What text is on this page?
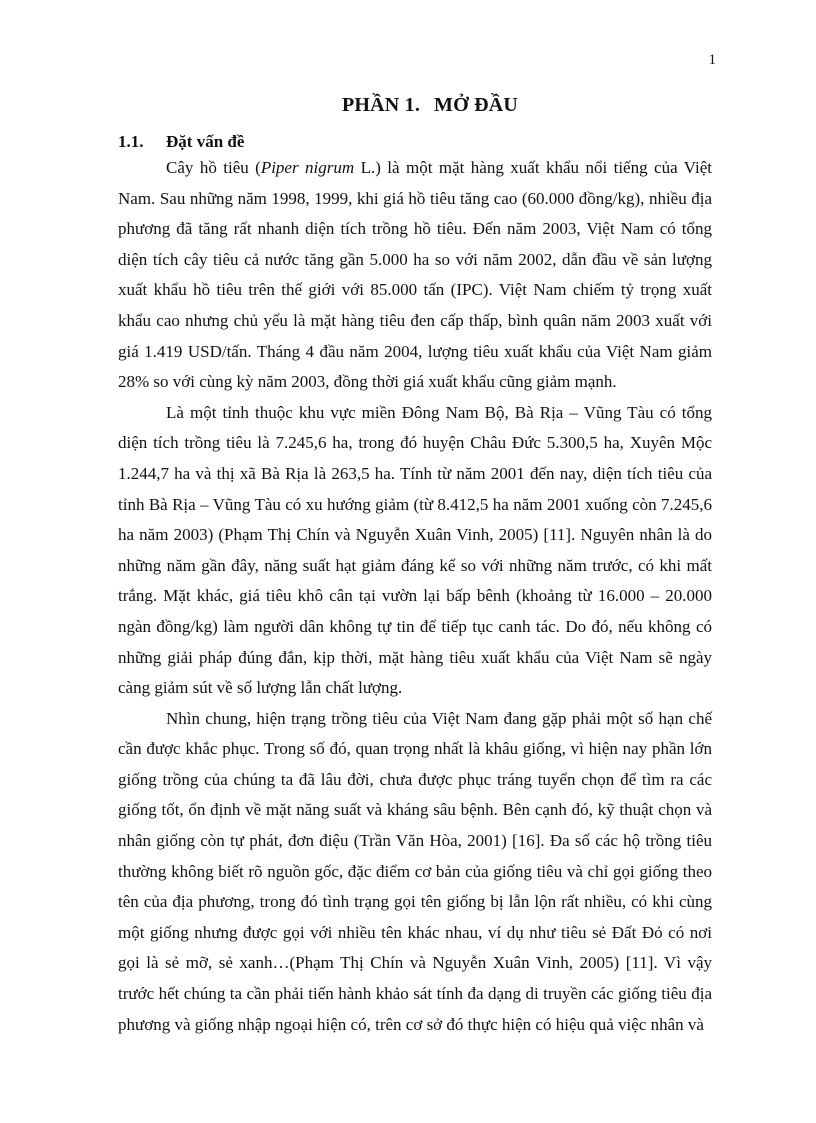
1
PHẦN 1. MỞ ĐẦU
1.1. Đặt vấn đề

Cây hồ tiêu (Piper nigrum L.) là một mặt hàng xuất khẩu nổi tiếng của Việt Nam. Sau những năm 1998, 1999, khi giá hồ tiêu tăng cao (60.000 đồng/kg), nhiều địa phương đã tăng rất nhanh diện tích trồng hồ tiêu. Đến năm 2003, Việt Nam có tổng diện tích cây tiêu cả nước tăng gần 5.000 ha so với năm 2002, dẫn đầu về sản lượng xuất khẩu hồ tiêu trên thế giới với 85.000 tấn (IPC). Việt Nam chiếm tỷ trọng xuất khẩu cao nhưng chủ yếu là mặt hàng tiêu đen cấp thấp, bình quân năm 2003 xuất với giá 1.419 USD/tấn. Tháng 4 đầu năm 2004, lượng tiêu xuất khẩu của Việt Nam giảm 28% so với cùng kỳ năm 2003, đồng thời giá xuất khẩu cũng giảm mạnh.

Là một tỉnh thuộc khu vực miền Đông Nam Bộ, Bà Rịa – Vũng Tàu có tổng diện tích trồng tiêu là 7.245,6 ha, trong đó huyện Châu Đức 5.300,5 ha, Xuyên Mộc 1.244,7 ha và thị xã Bà Rịa là 263,5 ha. Tính từ năm 2001 đến nay, diện tích tiêu của tỉnh Bà Rịa – Vũng Tàu có xu hướng giảm (từ 8.412,5 ha năm 2001 xuống còn 7.245,6 ha năm 2003) (Phạm Thị Chín và Nguyễn Xuân Vinh, 2005) [11]. Nguyên nhân là do những năm gần đây, năng suất hạt giảm đáng kể so với những năm trước, có khi mất trắng. Mặt khác, giá tiêu khô cân tại vườn lại bấp bênh (khoảng từ 16.000 – 20.000 ngàn đồng/kg) làm người dân không tự tin để tiếp tục canh tác. Do đó, nếu không có những giải pháp đúng đắn, kịp thời, mặt hàng tiêu xuất khẩu của Việt Nam sẽ ngày càng giảm sút về số lượng lẫn chất lượng.

Nhìn chung, hiện trạng trồng tiêu của Việt Nam đang gặp phải một số hạn chế cần được khắc phục. Trong số đó, quan trọng nhất là khâu giống, vì hiện nay phần lớn giống trồng của chúng ta đã lâu đời, chưa được phục tráng tuyển chọn để tìm ra các giống tốt, ổn định về mặt năng suất và kháng sâu bệnh. Bên cạnh đó, kỹ thuật chọn và nhân giống còn tự phát, đơn điệu (Trần Văn Hòa, 2001) [16]. Đa số các hộ trồng tiêu thường không biết rõ nguồn gốc, đặc điểm cơ bản của giống tiêu và chỉ gọi giống theo tên của địa phương, trong đó tình trạng gọi tên giống bị lẫn lộn rất nhiều, có khi cùng một giống nhưng được gọi với nhiều tên khác nhau, ví dụ như tiêu sẻ Đất Đỏ có nơi gọi là sẻ mỡ, sẻ xanh…(Phạm Thị Chín và Nguyễn Xuân Vinh, 2005) [11]. Vì vậy trước hết chúng ta cần phải tiến hành khảo sát tính đa dạng di truyền các giống tiêu địa phương và giống nhập ngoại hiện có, trên cơ sở đó thực hiện có hiệu quả việc nhân và
